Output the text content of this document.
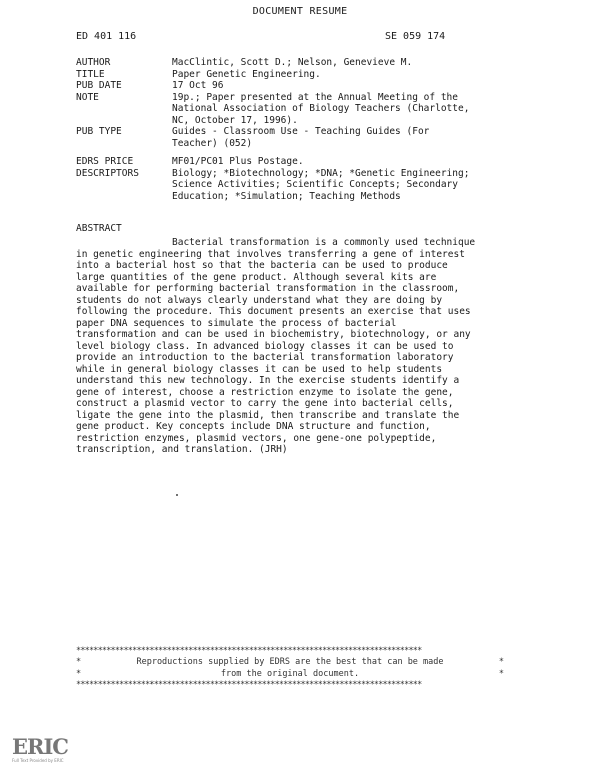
DOCUMENT RESUME
ED 401 116	SE 059 174
AUTHOR	MacClintic, Scott D.; Nelson, Genevieve M.
TITLE	Paper Genetic Engineering.
PUB DATE	17 Oct 96
NOTE	19p.; Paper presented at the Annual Meeting of the
National Association of Biology Teachers (Charlotte,
NC, October 17, 1996).
PUB TYPE	Guides - Classroom Use - Teaching Guides (For
Teacher) (052)
EDRS PRICE	MF01/PC01 Plus Postage.
DESCRIPTORS	Biology; *Biotechnology; *DNA; *Genetic Engineering;
Science Activities; Scientific Concepts; Secondary
Education; *Simulation; Teaching Methods
ABSTRACT
Bacterial transformation is a commonly used technique
in genetic engineering that involves transferring a gene of interest
into a bacterial host so that the bacteria can be used to produce
large quantities of the gene product. Although several kits are
available for performing bacterial transformation in the classroom,
students do not always clearly understand what they are doing by
following the procedure. This document presents an exercise that uses
paper DNA sequences to simulate the process of bacterial
transformation and can be used in biochemistry, biotechnology, or any
level biology class. In advanced biology classes it can be used to
provide an introduction to the bacterial transformation laboratory
while in general biology classes it can be used to help students
understand this new technology. In the exercise students identify a
gene of interest, choose a restriction enzyme to isolate the gene,
construct a plasmid vector to carry the gene into bacterial cells,
ligate the gene into the plasmid, then transcribe and translate the
gene product. Key concepts include DNA structure and function,
restriction enzymes, plasmid vectors, one gene-one polypeptide,
transcription, and translation. (JRH)
********************************************************************************
*	Reproductions supplied by EDRS are the best that can be made	*
*	from the original document.	*
********************************************************************************
ERIC
Full Text Provided by ERIC
